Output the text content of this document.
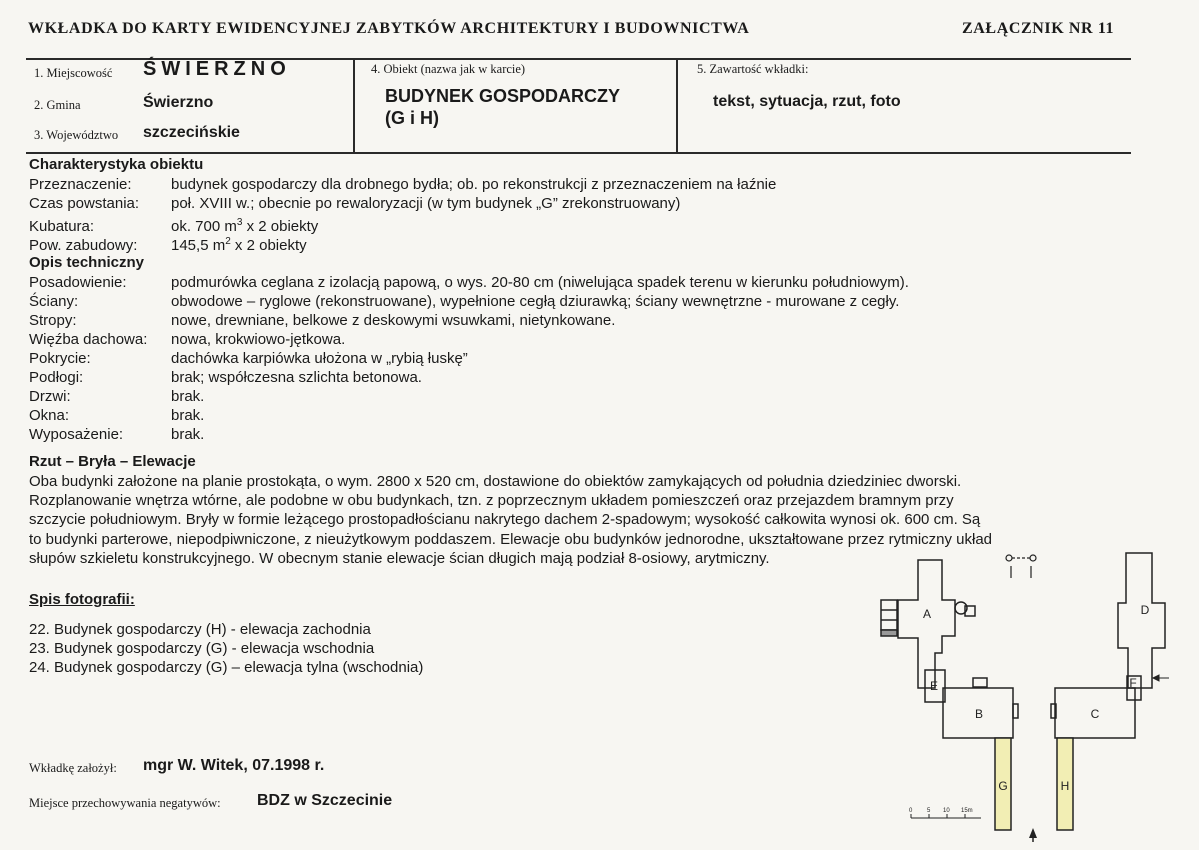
WKŁADKA DO KARTY EWIDENCYJNEJ ZABYTKÓW ARCHITEKTURY I BUDOWNICTWA	ZAŁĄCZNIK NR 11
1. Miejscowość ŚWIERZNO
2. Gmina	Świerzno
3. Województwo szczecińskie
4. Obiekt (nazwa jak w karcie)
BUDYNEK GOSPODARCZY
(G i H)
5. Zawartość wkładki:
tekst, sytuacja, rzut, foto
Charakterystyka obiektu
Przeznaczenie:	budynek gospodarczy dla drobnego bydła; ob. po rekonstrukcji z przeznaczeniem na łaźnie
Czas powstania: poł. XVIII w.; obecnie po rewaloryzacji (w tym budynek „G” zrekonstruowany)
Kubatura:	ok. 700 $m^3$ x 2 obiekty
Pow. zabudowy: 145,5 $m^2$ x 2 obiekty
Opis techniczny
Posadowienie:	podmurówka ceglana z izolacją papową, o wys. 20-80 cm (niwelująca spadek terenu w kierunku południowym).
Ściany:	obwodowe – ryglowe (rekonstruowane), wypełnione cegłą dziurawką; ściany wewnętrzne - murowane z cegły.
Stropy:	nowe, drewniane, belkowe z deskowymi wsuwkami, nietynkowane.
Więźba dachowa: nowa, krokwiowo-jętkowa.
Pokrycie:	dachówka karpiówka ułożona w „rybią łuskę”
Podłogi:	brak; współczesna szlichta betonowa.
Drzwi:	brak.
Okna:	brak.
Wyposażenie:	brak.
Rzut – Bryła – Elewacje
Oba budynki założone na planie prostokąta, o wym. 2800 x 520 cm, dostawione do obiektów zamykających od południa dziedziniec dworski.
Rozplanowanie wnętrza wtórne, ale podobne w obu budynkach, tzn. z poprzecznym układem pomieszczeń oraz przejazdem bramnym przy
szczycie południowym. Bryły w formie leżącego prostopadłościanu nakrytego dachem 2-spadowym; wysokość całkowita wynosi ok. 600 cm. Są
to budynki parterowe, niepodpiwniczone, z nieużytkowym poddaszem. Elewacje obu budynków jednorodne, ukształtowane przez rytmiczny układ
słupów szkieletu konstrukcyjnego. W obecnym stanie elewacje ścian długich mają podział 8-osiowy, arytmiczny.
Spis fotografii:
22. Budynek gospodarczy (H) - elewacja zachodnia
23. Budynek gospodarczy (G) - elewacja wschodnia
24. Budynek gospodarczy (G) – elewacja tylna (wschodnia)
Wkładkę założył: mgr W. Witek, 07.1998 r.
Miejsce przechowywania negatywów: BDZ w Szczecinie
0 5 10 15m
A
B	C
D
E	F
G	H
